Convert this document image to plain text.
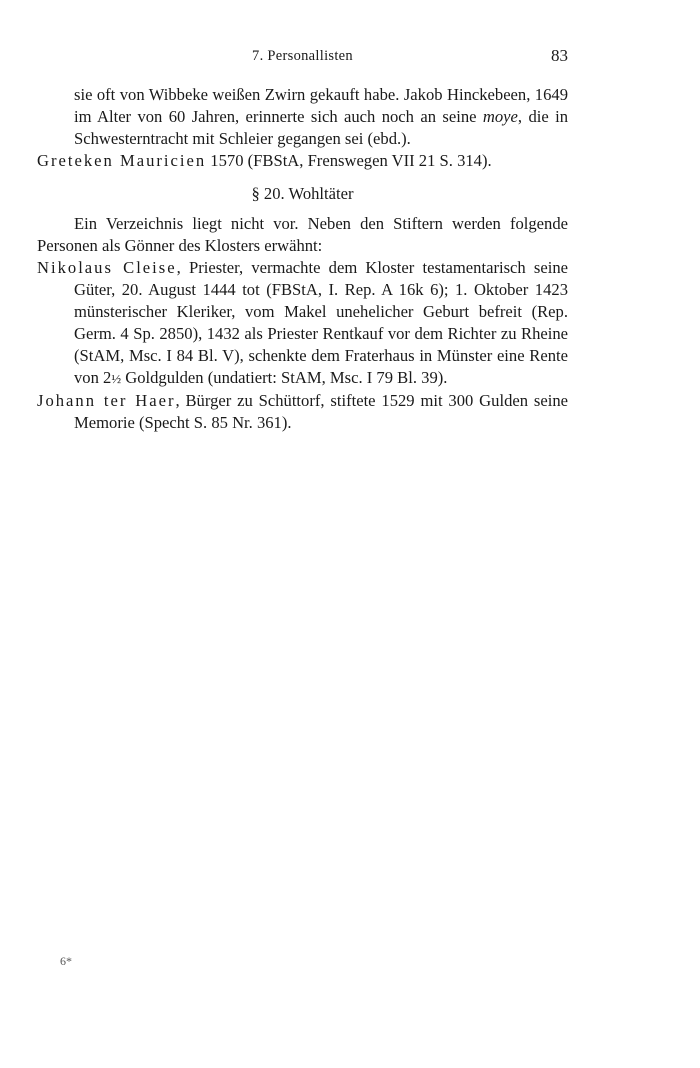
7. Personallisten	83

sie oft von Wibbeke weißen Zwirn gekauft habe. Jakob Hinckebeen, 1649 im Alter von 60 Jahren, erinnerte sich auch noch an seine moye, die in Schwesterntracht mit Schleier gegangen sei (ebd.).

Greteken Mauricien 1570 (FBStA, Frenswegen VII 21 S. 314).

§ 20. Wohltäter

Ein Verzeichnis liegt nicht vor. Neben den Stiftern werden folgende Personen als Gönner des Klosters erwähnt:

Nikolaus Cleise, Priester, vermachte dem Kloster testamentarisch seine Güter, 20. August 1444 tot (FBStA, I. Rep. A 16k 6); 1. Oktober 1423 münsterischer Kleriker, vom Makel unehelicher Geburt befreit (Rep. Germ. 4 Sp. 2850), 1432 als Priester Rentkauf vor dem Richter zu Rheine (StAM, Msc. I 84 Bl. V), schenkte dem Fraterhaus in Münster eine Rente von 2½ Goldgulden (undatiert: StAM, Msc. I 79 Bl. 39).

Johann ter Haer, Bürger zu Schüttorf, stiftete 1529 mit 300 Gulden seine Memorie (Specht S. 85 Nr. 361).

6*
